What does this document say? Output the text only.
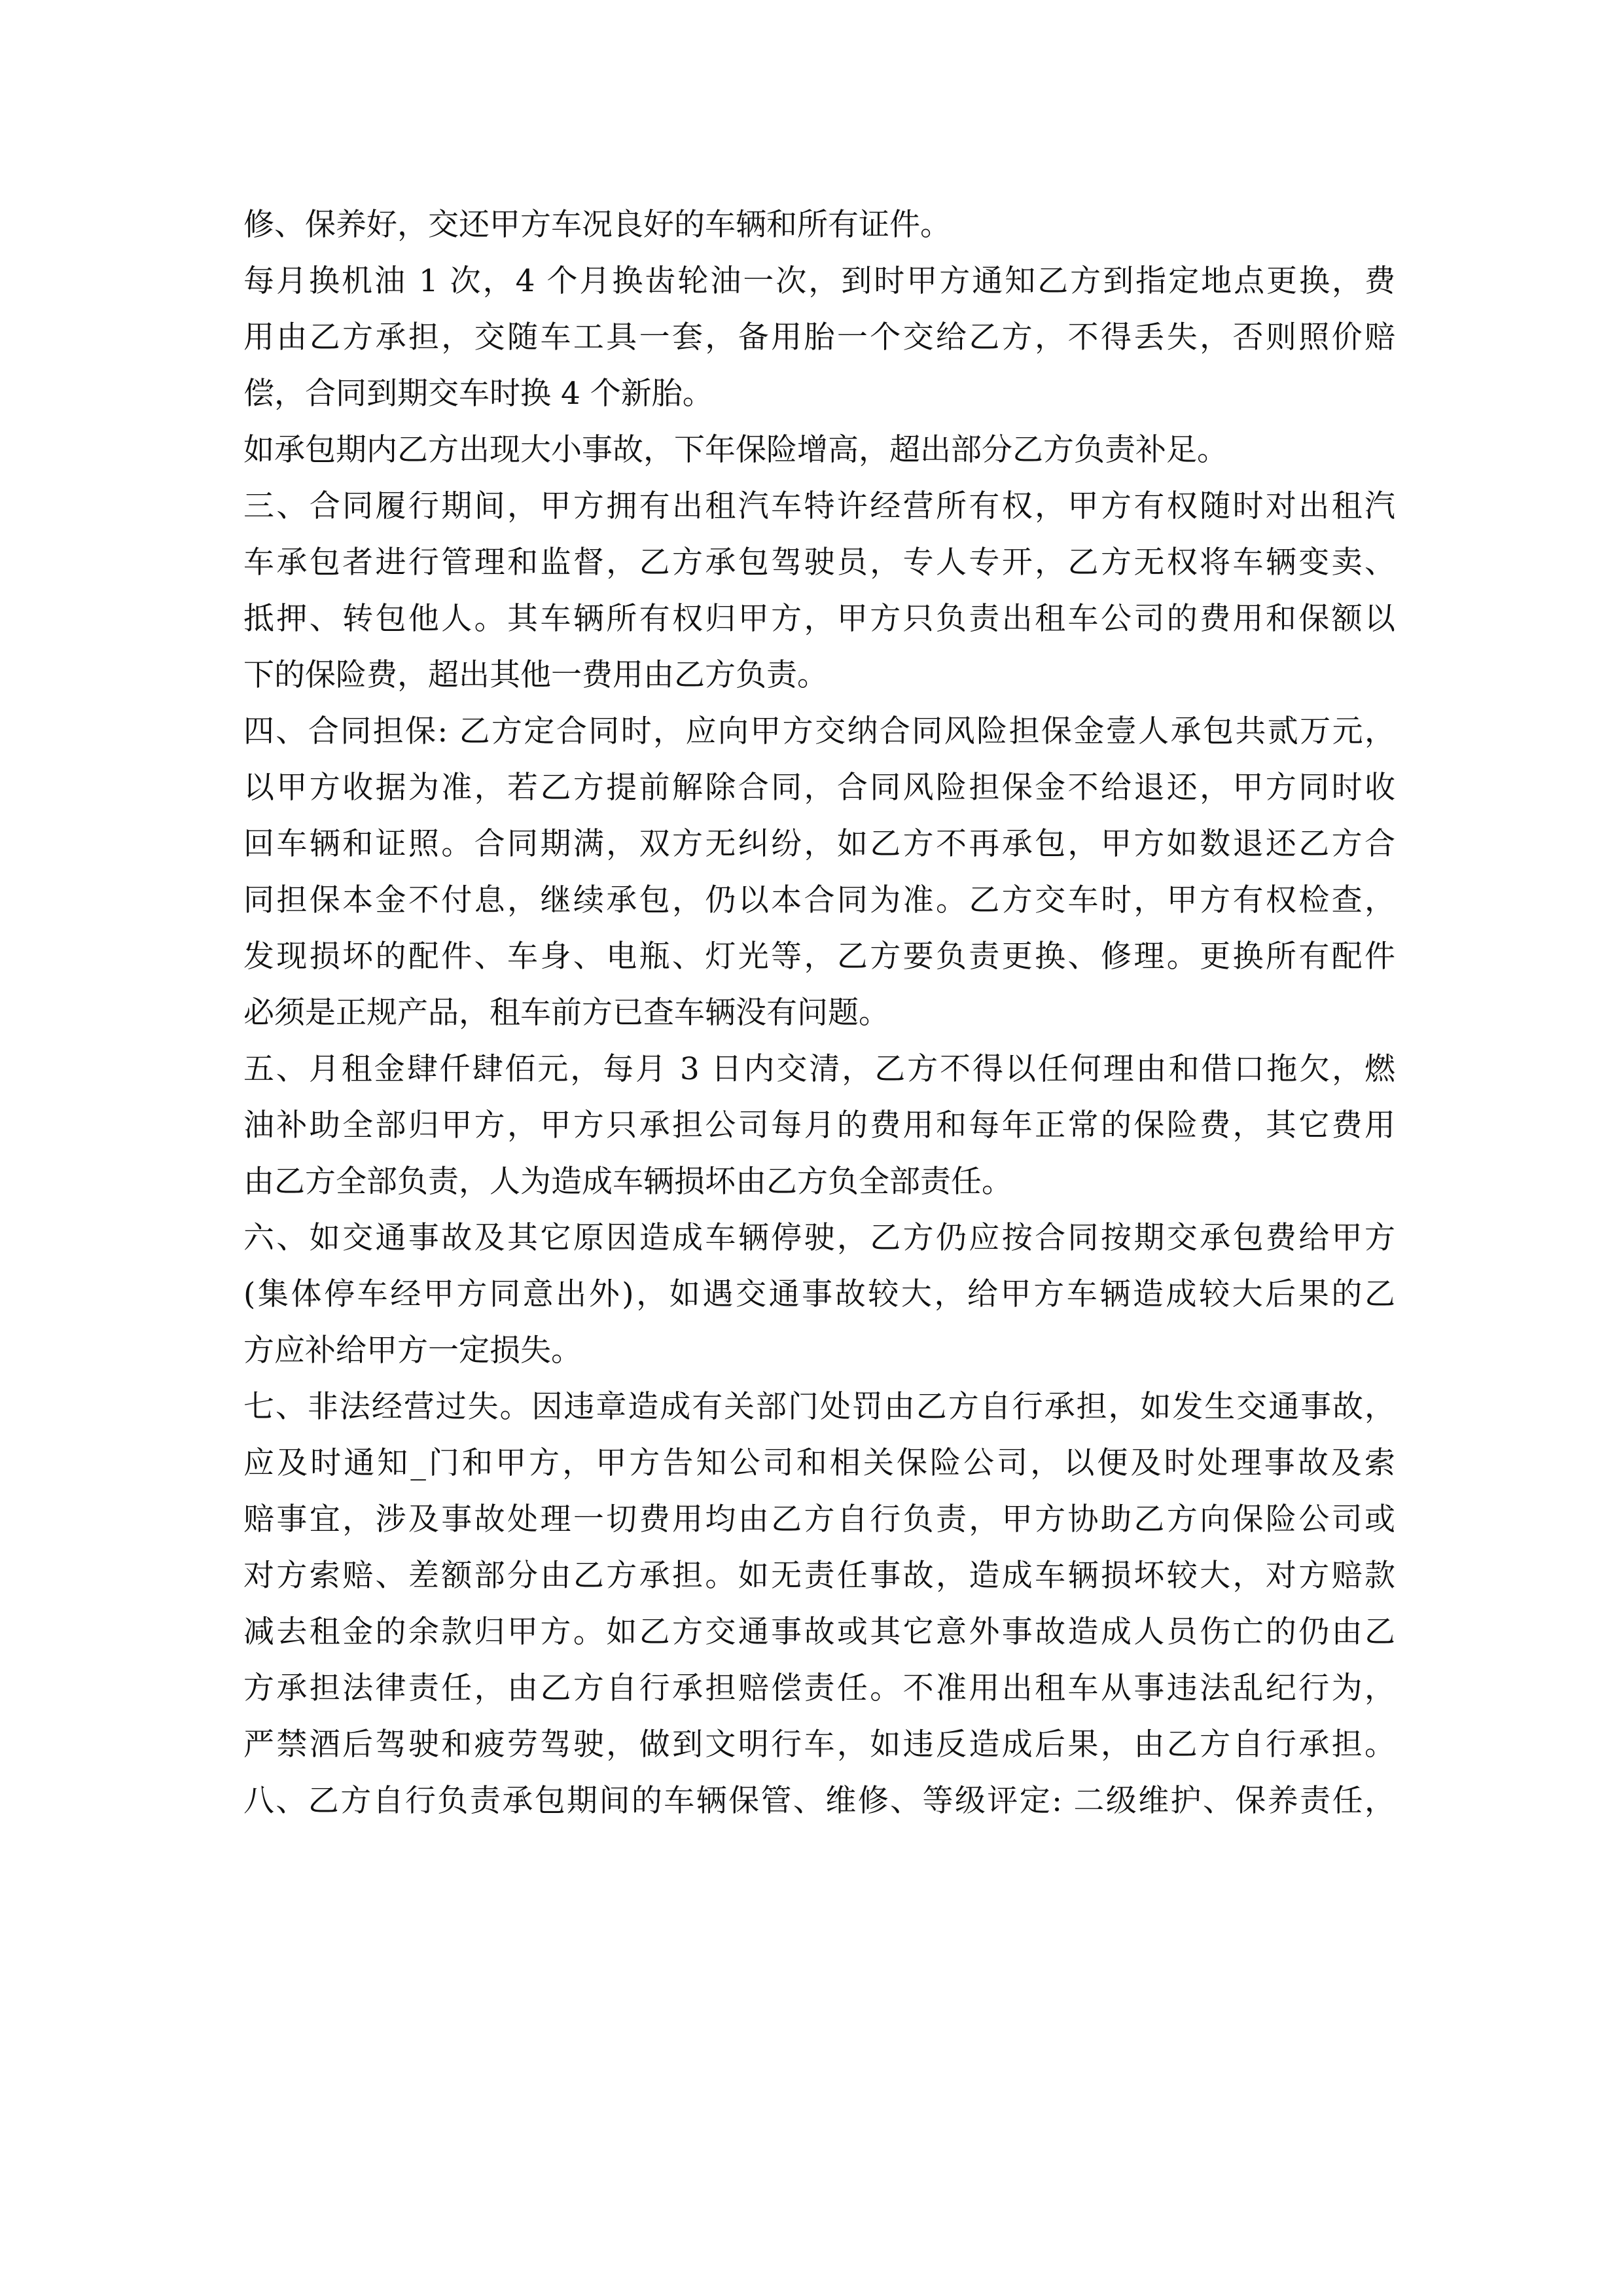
修、保养好，交还甲方车况良好的车辆和所有证件。
每月换机油 1 次，4 个月换齿轮油一次，到时甲方通知乙方到指定地点更换，费
用由乙方承担，交随车工具一套，备用胎一个交给乙方，不得丢失，否则照价赔
偿，合同到期交车时换 4 个新胎。
如承包期内乙方出现大小事故，下年保险增高，超出部分乙方负责补足。
三、合同履行期间，甲方拥有出租汽车特许经营所有权，甲方有权随时对出租汽
车承包者进行管理和监督，乙方承包驾驶员，专人专开，乙方无权将车辆变卖、
抵押、转包他人。其车辆所有权归甲方，甲方只负责出租车公司的费用和保额以
下的保险费，超出其他一费用由乙方负责。
四、合同担保: 乙方定合同时，应向甲方交纳合同风险担保金壹人承包共贰万元，
以甲方收据为准，若乙方提前解除合同，合同风险担保金不给退还，甲方同时收
回车辆和证照。合同期满，双方无纠纷，如乙方不再承包，甲方如数退还乙方合
同担保本金不付息，继续承包，仍以本合同为准。乙方交车时，甲方有权检查，
发现损坏的配件、车身、电瓶、灯光等，乙方要负责更换、修理。更换所有配件
必须是正规产品，租车前方已查车辆没有问题。
五、月租金肆仟肆佰元，每月 3 日内交清，乙方不得以任何理由和借口拖欠，燃
油补助全部归甲方，甲方只承担公司每月的费用和每年正常的保险费，其它费用
由乙方全部负责，人为造成车辆损坏由乙方负全部责任。
六、如交通事故及其它原因造成车辆停驶，乙方仍应按合同按期交承包费给甲方
(集体停车经甲方同意出外)，如遇交通事故较大，给甲方车辆造成较大后果的乙
方应补给甲方一定损失。
七、非法经营过失。因违章造成有关部门处罚由乙方自行承担，如发生交通事故，
应及时通知_门和甲方，甲方告知公司和相关保险公司，以便及时处理事故及索
赔事宜，涉及事故处理一切费用均由乙方自行负责，甲方协助乙方向保险公司或
对方索赔、差额部分由乙方承担。如无责任事故，造成车辆损坏较大，对方赔款
减去租金的余款归甲方。如乙方交通事故或其它意外事故造成人员伤亡的仍由乙
方承担法律责任，由乙方自行承担赔偿责任。不准用出租车从事违法乱纪行为，
严禁酒后驾驶和疲劳驾驶，做到文明行车，如违反造成后果，由乙方自行承担。
八、乙方自行负责承包期间的车辆保管、维修、等级评定: 二级维护、保养责任，
